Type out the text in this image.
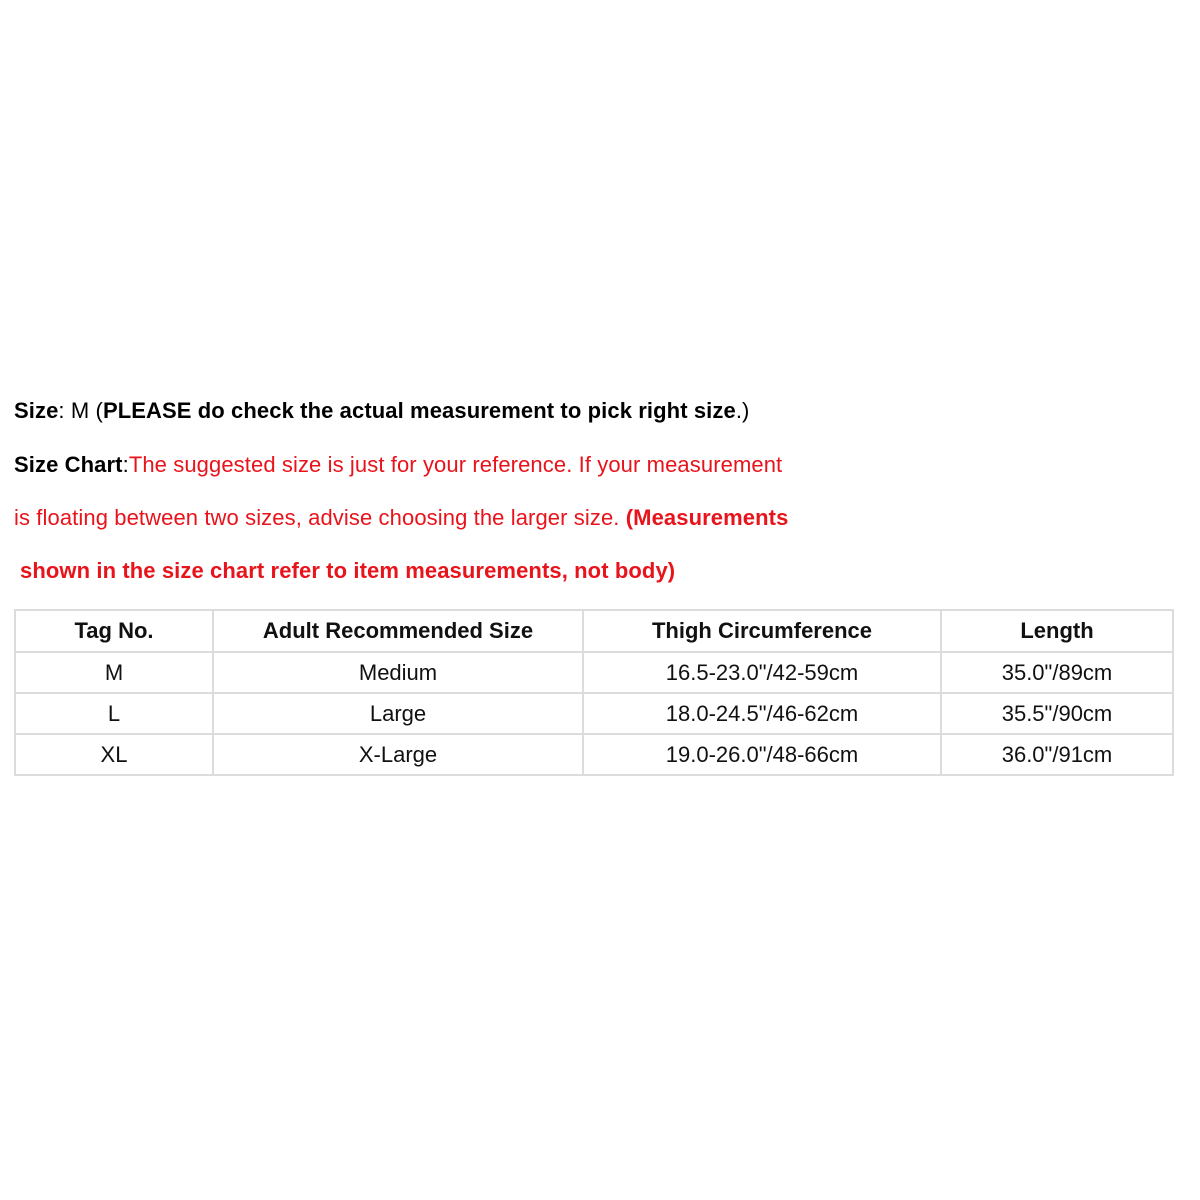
Size: M (PLEASE do check the actual measurement to pick right size.)
Size Chart:The suggested size is just for your reference. If your measurement
is floating between two sizes, advise choosing the larger size. (Measurements
shown in the size chart refer to item measurements, not body)
Tag No.	Adult Recommended Size	Thigh Circumference	Length
M	Medium	16.5-23.0"/42-59cm	35.0"/89cm
L	Large	18.0-24.5"/46-62cm	35.5"/90cm
XL	X-Large	19.0-26.0"/48-66cm	36.0"/91cm
